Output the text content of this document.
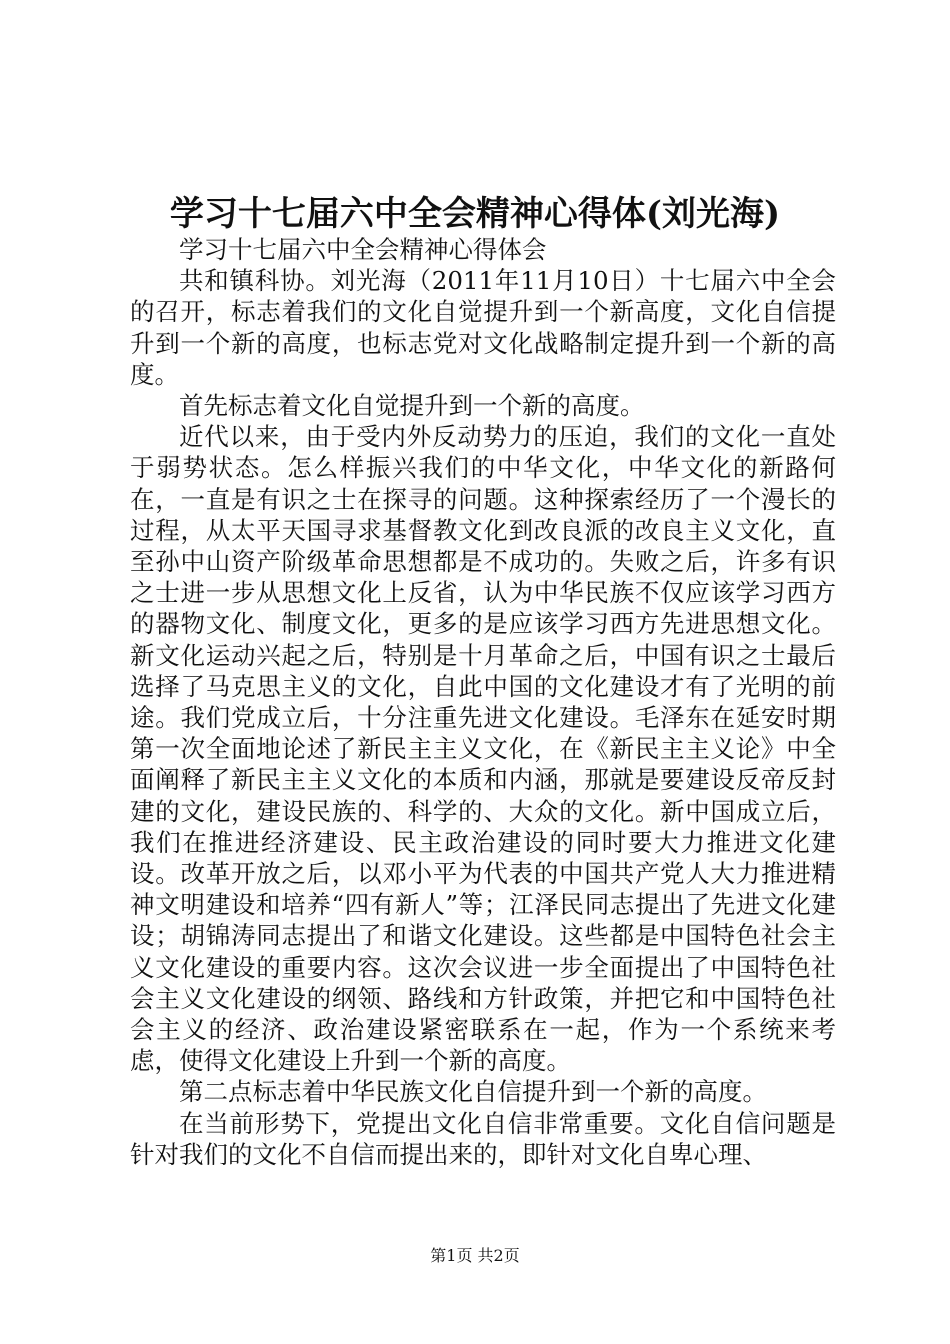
学习十七届六中全会精神心得体(刘光海)

学习十七届六中全会精神心得体会

共和镇科协。刘光海（2011年11月10日）十七届六中全会的召开，标志着我们的文化自觉提升到一个新高度，文化自信提升到一个新的高度，也标志党对文化战略制定提升到一个新的高度。

首先标志着文化自觉提升到一个新的高度。

近代以来，由于受内外反动势力的压迫，我们的文化一直处于弱势状态。怎么样振兴我们的中华文化，中华文化的新路何在，一直是有识之士在探寻的问题。这种探索经历了一个漫长的过程，从太平天国寻求基督教文化到改良派的改良主义文化，直至孙中山资产阶级革命思想都是不成功的。失败之后，许多有识之士进一步从思想文化上反省，认为中华民族不仅应该学习西方的器物文化、制度文化，更多的是应该学习西方先进思想文化。新文化运动兴起之后，特别是十月革命之后，中国有识之士最后选择了马克思主义的文化，自此中国的文化建设才有了光明的前途。我们党成立后，十分注重先进文化建设。毛泽东在延安时期第一次全面地论述了新民主主义文化，在《新民主主义论》中全面阐释了新民主主义文化的本质和内涵，那就是要建设反帝反封建的文化，建设民族的、科学的、大众的文化。新中国成立后，我们在推进经济建设、民主政治建设的同时要大力推进文化建设。改革开放之后，以邓小平为代表的中国共产党人大力推进精神文明建设和培养“四有新人”等；江泽民同志提出了先进文化建设；胡锦涛同志提出了和谐文化建设。这些都是中国特色社会主义文化建设的重要内容。这次会议进一步全面提出了中国特色社会主义文化建设的纲领、路线和方针政策，并把它和中国特色社会主义的经济、政治建设紧密联系在一起，作为一个系统来考虑，使得文化建设上升到一个新的高度。

第二点标志着中华民族文化自信提升到一个新的高度。

在当前形势下，党提出文化自信非常重要。文化自信问题是针对我们的文化不自信而提出来的，即针对文化自卑心理、

第1页 共2页
